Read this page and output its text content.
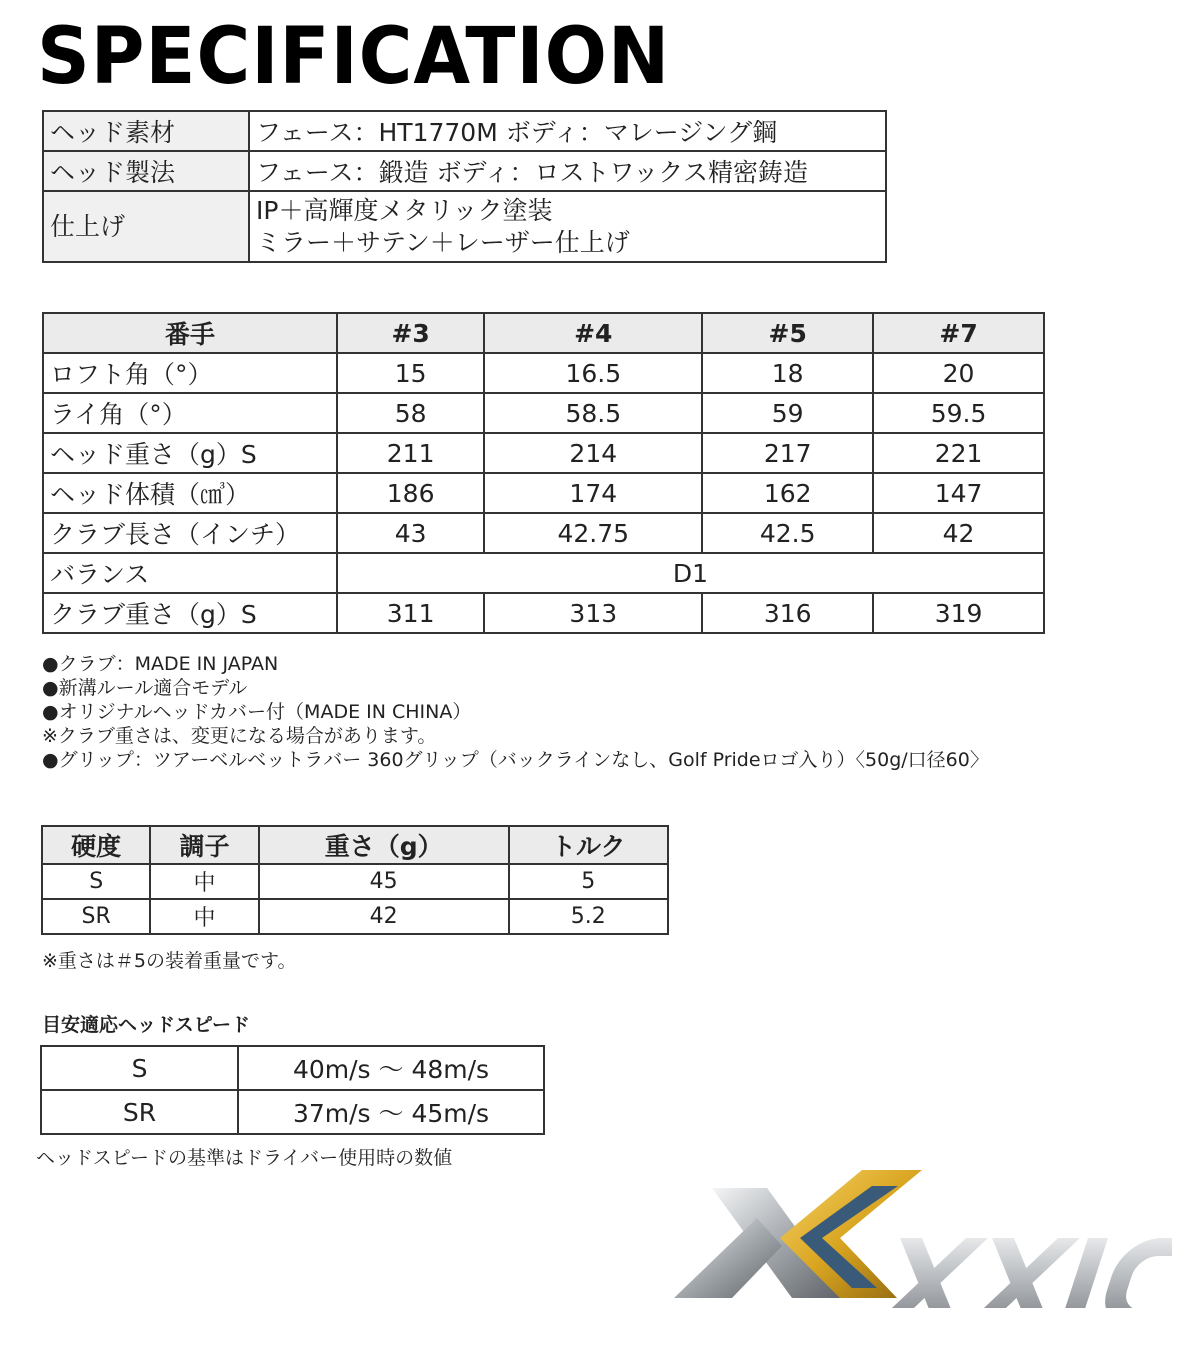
SPECIFICATION
ヘッド素材	フェース：HT1770M ボディ：マレージング鋼
ヘッド製法	フェース：鍛造 ボディ：ロストワックス精密鋳造
仕上げ	IP＋高輝度メタリック塗装
ミラー＋サテン＋レーザー仕上げ
番手	#3	#4	#5	#7
ロフト角（°）	15	16.5	18	20
ライ角（°）	58	58.5	59	59.5
ヘッド重さ（g）S	211	214	217	221
ヘッド体積（㎤）	186	174	162	147
クラブ長さ（インチ）	43	42.75	42.5	42
バランス	D1			
クラブ重さ（g）S	311	313	316	319
●クラブ：MADE IN JAPAN
●新溝ルール適合モデル
●オリジナルヘッドカバー付（MADE IN CHINA）
※クラブ重さは、変更になる場合があります。
●グリップ：ツアーベルベットラバー 360グリップ（バックラインなし、Golf Prideロゴ入り）〈50g/口径60〉
硬度	調子	重さ（g）	トルク
S	中	45	5
SR	中	42	5.2
※重さは＃5の装着重量です。
目安適応ヘッドスピード
S	40m/s ～ 48m/s
SR	37m/s ～ 45m/s
ヘッドスピードの基準はドライバー使用時の数値
